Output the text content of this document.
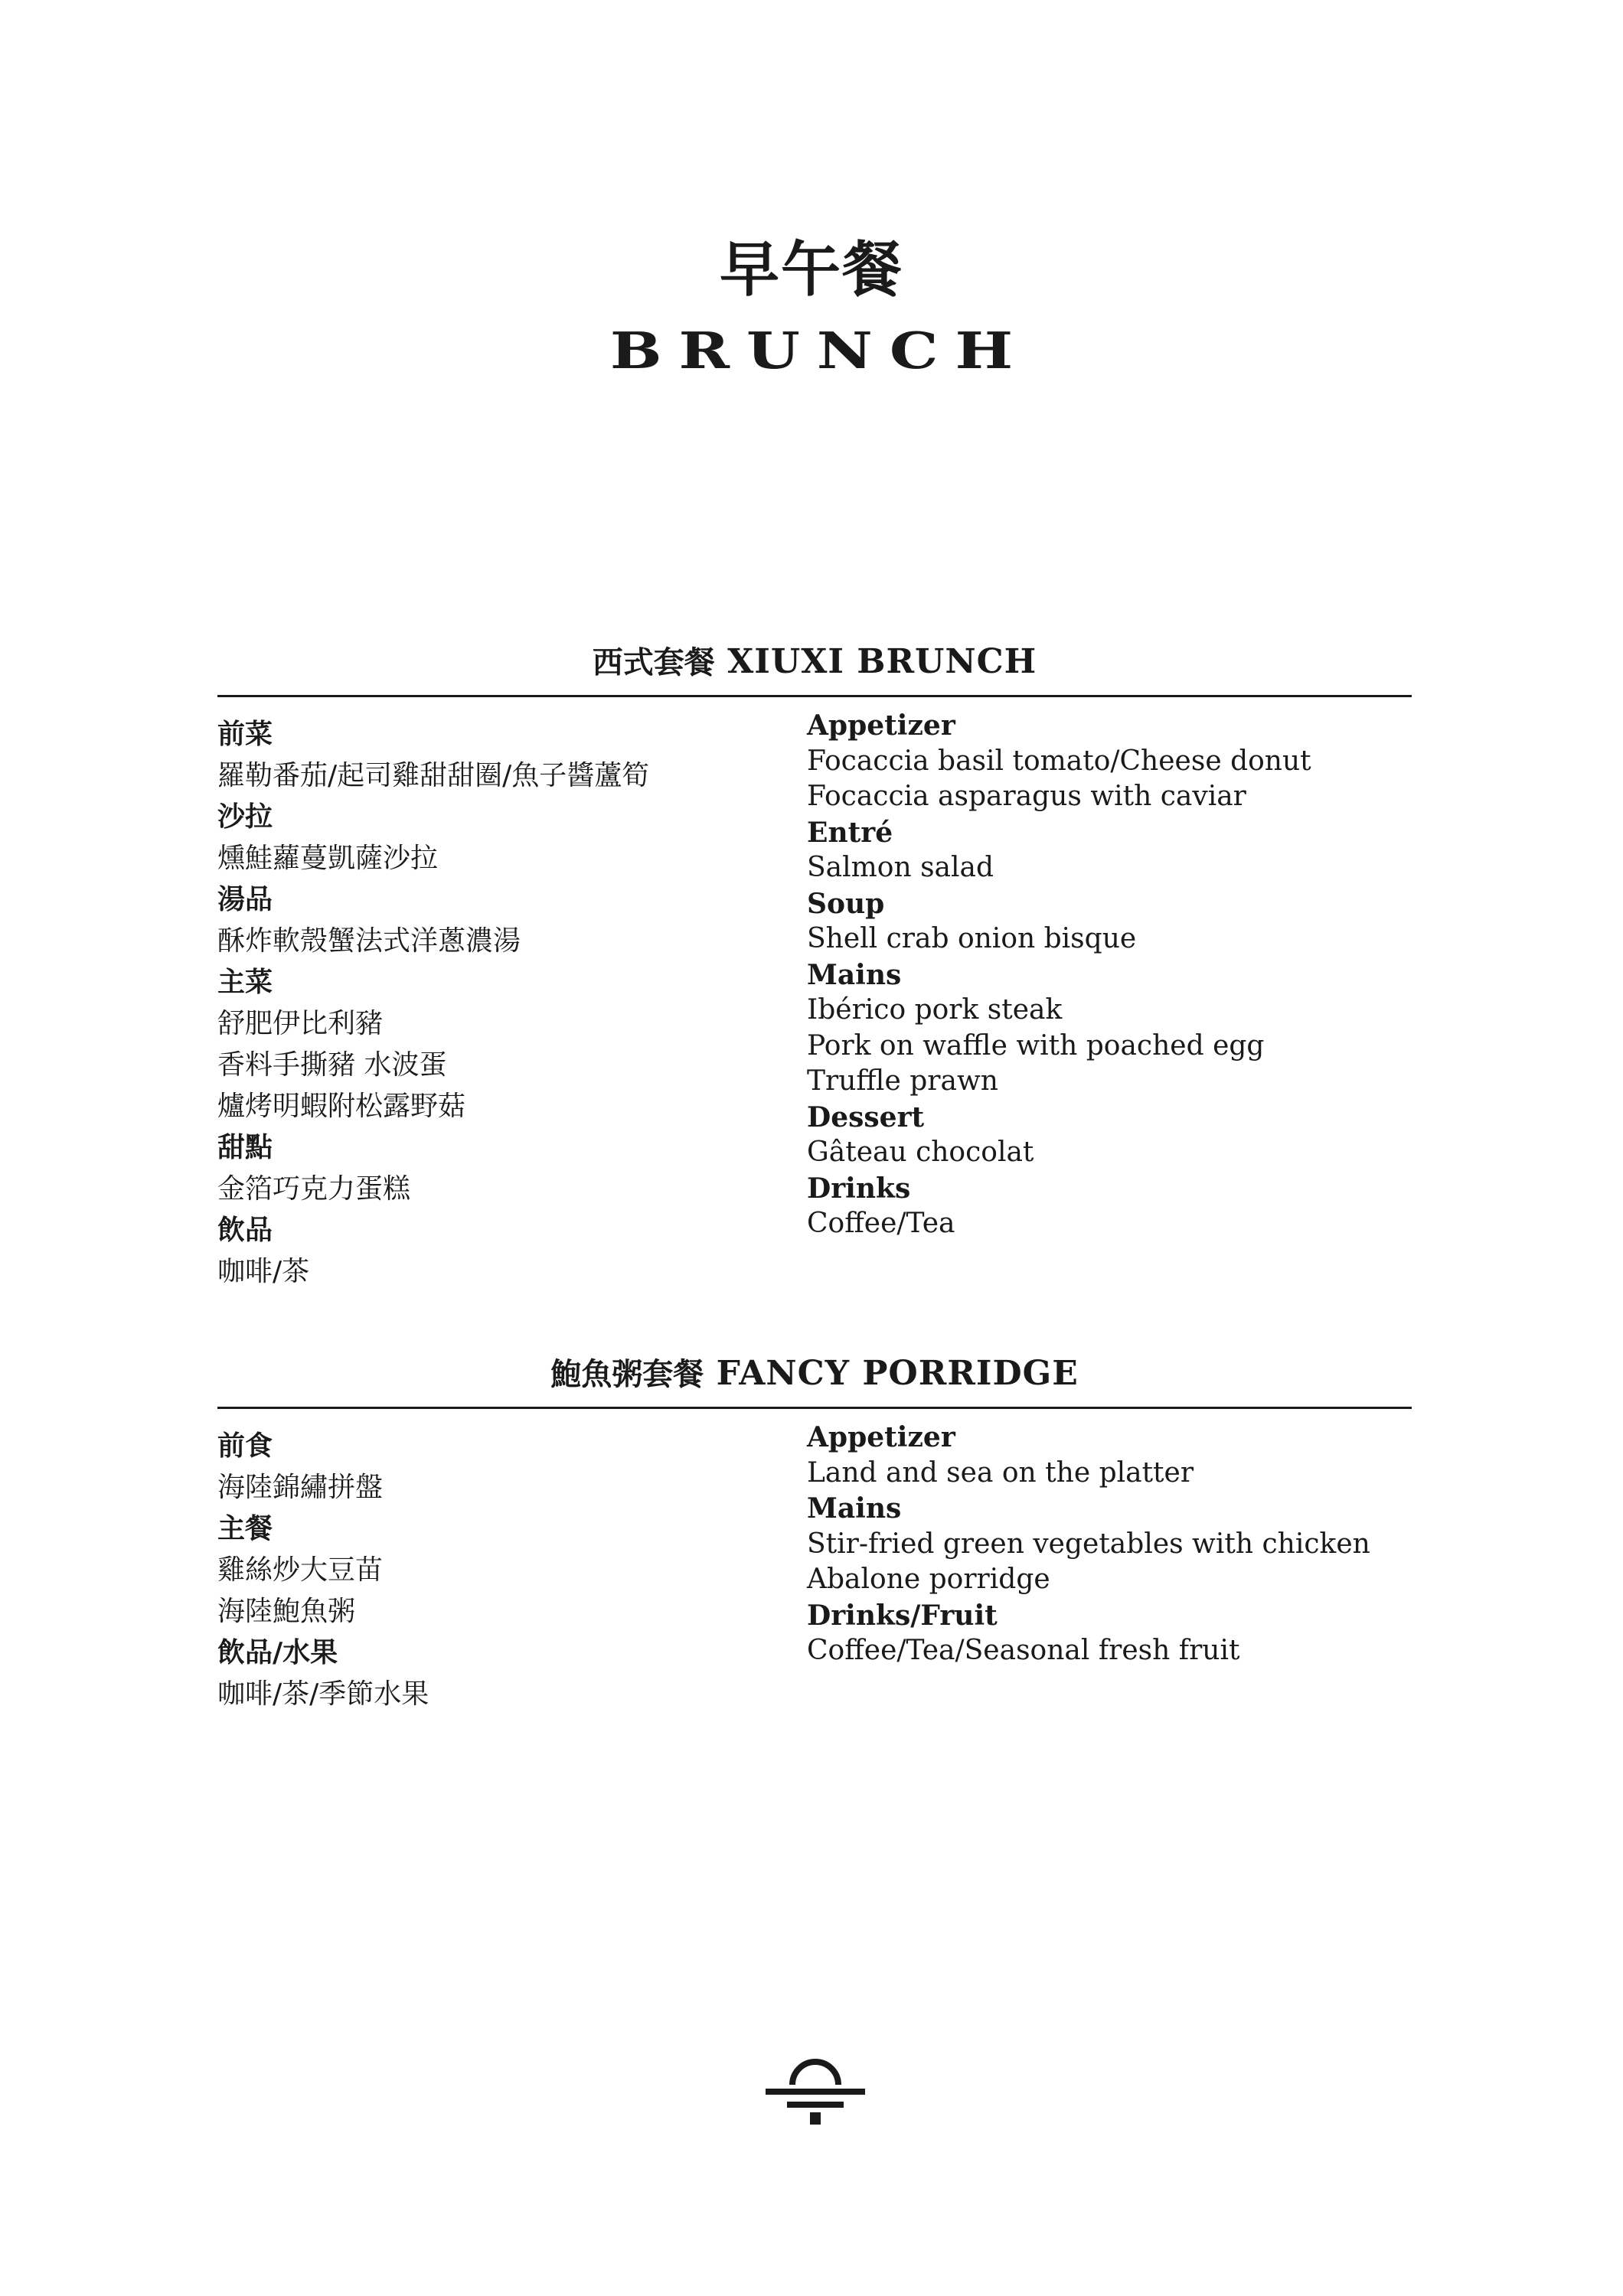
早午餐
BRUNCH
西式套餐 XIUXI BRUNCH
前菜
羅勒番茄/起司雞甜甜圈/魚子醬蘆筍
沙拉
燻鮭蘿蔓凱薩沙拉
湯品
酥炸軟殼蟹法式洋蔥濃湯
主菜
舒肥伊比利豬
香料手撕豬 水波蛋
爐烤明蝦附松露野菇
甜點
金箔巧克力蛋糕
飲品
咖啡/茶
Appetizer
Focaccia basil tomato/Cheese donut
Focaccia asparagus with caviar
Entré
Salmon salad
Soup
Shell crab onion bisque
Mains
Ibérico pork steak
Pork on waffle with poached egg
Truffle prawn
Dessert
Gâteau chocolat
Drinks
Coffee/Tea
鮑魚粥套餐 FANCY PORRIDGE
前食
海陸錦繡拼盤
主餐
雞絲炒大豆苗
海陸鮑魚粥
飲品/水果
咖啡/茶/季節水果
Appetizer
Land and sea on the platter
Mains
Stir-fried green vegetables with chicken
Abalone porridge
Drinks/Fruit
Coffee/Tea/Seasonal fresh fruit
